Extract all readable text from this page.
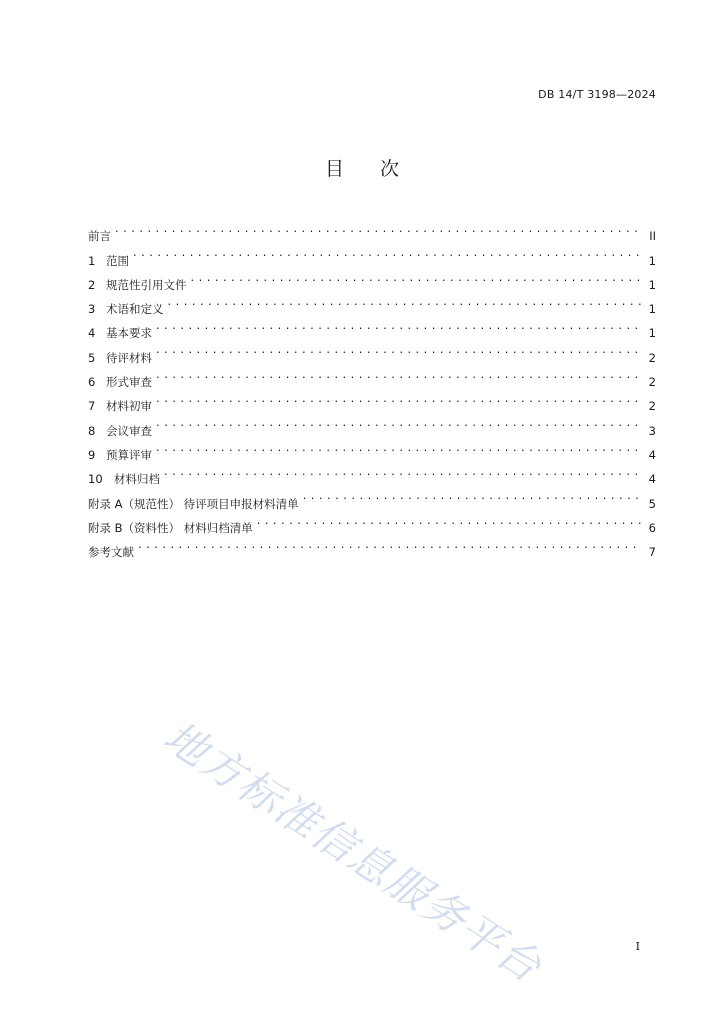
DB 14/T 3198—2024
目 次
前言 . . .	II
1 范围 . . .	1
2 规范性引用文件 . . .	1
3 术语和定义 . . .	1
4 基本要求 . . .	1
5 待评材料 . . .	2
6 形式审查 . . .	2
7 材料初审 . . .	2
8 会议审查 . . .	3
9 预算评审 . . .	4
10 材料归档 . . .	4
附录 A（规范性） 待评项目申报材料清单 . . .	5
附录 B（资料性） 材料归档清单 . . .	6
参考文献 . . .	7
地方标准信息服务平台	I
